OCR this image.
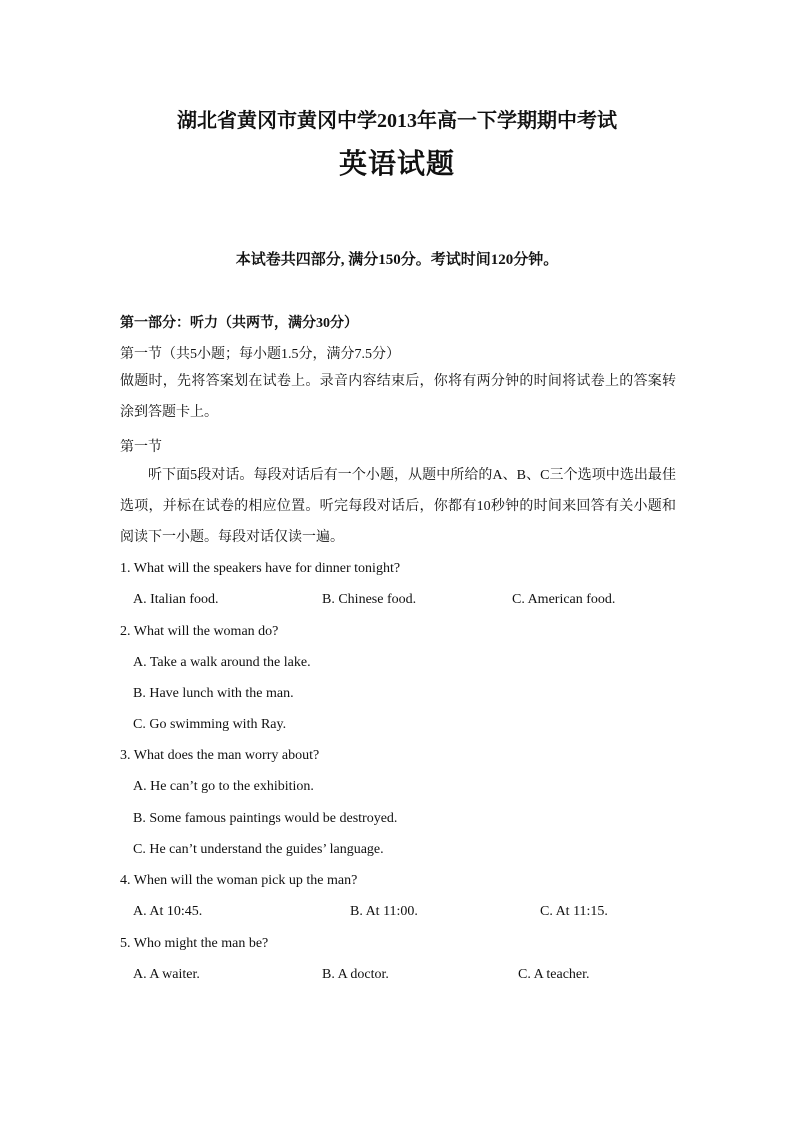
湖北省黄冈市黄冈中学2013年高一下学期期中考试
英语试题
本试卷共四部分, 满分150分。考试时间120分钟。
第一部分：听力（共两节，满分30分）
第一节（共5小题；每小题1.5分，满分7.5分）
做题时，先将答案划在试卷上。录音内容结束后，你将有两分钟的时间将试卷上的答案转涂到答题卡上。
第一节
听下面5段对话。每段对话后有一个小题，从题中所给的A、B、C三个选项中选出最佳选项，并标在试卷的相应位置。听完每段对话后，你都有10秒钟的时间来回答有关小题和阅读下一小题。每段对话仅读一遍。
1. What will the speakers have for dinner tonight?
A. Italian food.	B. Chinese food.	C. American food.
2. What will the woman do?
A. Take a walk around the lake.
B. Have lunch with the man.
C. Go swimming with Ray.
3. What does the man worry about?
A. He can’t go to the exhibition.
B. Some famous paintings would be destroyed.
C. He can’t understand the guides’ language.
4. When will the woman pick up the man?
A. At 10:45.	B. At 11:00.	C. At 11:15.
5. Who might the man be?
A. A waiter.	B. A doctor.	C. A teacher.
